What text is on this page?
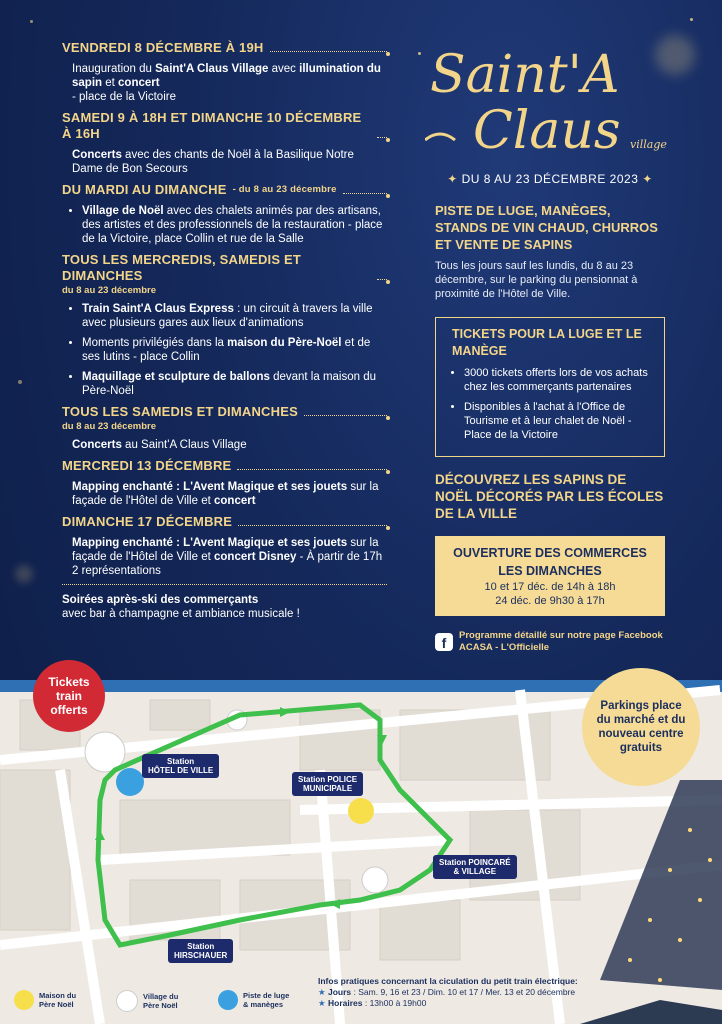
VENDREDI 8 DÉCEMBRE À 19H
Inauguration du Saint'A Claus Village avec illumination du sapin et concert
- place de la Victoire
SAMEDI 9 À 18H ET DIMANCHE 10 DÉCEMBRE À 16H
Concerts avec des chants de Noël à la Basilique Notre Dame de Bon Secours
DU MARDI AU DIMANCHE - du 8 au 23 décembre
• Village de Noël avec des chalets animés par des artisans, des artistes et des professionnels de la restauration - place de la Victoire, place Collin et rue de la Salle
TOUS LES MERCREDIS, SAMEDIS ET DIMANCHES
du 8 au 23 décembre
• Train Saint'A Claus Express : un circuit à travers la ville avec plusieurs gares aux lieux d'animations
• Moments privilégiés dans la maison du Père-Noël et de ses lutins - place Collin
• Maquillage et sculpture de ballons devant la maison du Père-Noël
TOUS LES SAMEDIS ET DIMANCHES
du 8 au 23 décembre
Concerts au Saint'A Claus Village
MERCREDI 13 DÉCEMBRE
Mapping enchanté : L'Avent Magique et ses jouets sur la façade de l'Hôtel de Ville et concert
DIMANCHE 17 DÉCEMBRE
Mapping enchanté : L'Avent Magique et ses jouets sur la façade de l'Hôtel de Ville et concert Disney - À partir de 17h
2 représentations
Soirées après-ski des commerçants
avec bar à champagne et ambiance musicale !
Saint'A
Claus village
✦ DU 8 AU 23 DÉCEMBRE 2023 ✦
PISTE DE LUGE, MANÈGES, STANDS DE VIN CHAUD, CHURROS ET VENTE DE SAPINS
Tous les jours sauf les lundis, du 8 au 23 décembre, sur le parking du pensionnat à proximité de l'Hôtel de Ville.
TICKETS POUR LA LUGE ET LE MANÈGE
• 3000 tickets offerts lors de vos achats chez les commerçants partenaires
• Disponibles à l'achat à l'Office de Tourisme et à leur chalet de Noël - Place de la Victoire
DÉCOUVREZ LES SAPINS DE NOËL DÉCORÉS PAR LES ÉCOLES DE LA VILLE
OUVERTURE DES COMMERCES LES DIMANCHES
10 et 17 déc. de 14h à 18h
24 déc. de 9h30 à 17h
f	Programme détaillé sur notre page Facebook
ACASA - L'Officielle
Station
HÔTEL DE VILLE
Station POLICE
MUNICIPALE
Station POINCARÉ
& VILLAGE
Station
HIRSCHAUER
Infos pratiques concernant la ciculation du petit train électrique:
★ Jours : Sam. 9, 16 et 23 / Dim. 10 et 17 / Mer. 13 et 20 décembre
★ Horaires : 13h00 à 19h00
Tickets train offerts	Parkings place du marché et du nouveau centre gratuits
Maison du
Père Noël
Village du
Père Noël
Piste de luge
& manèges
